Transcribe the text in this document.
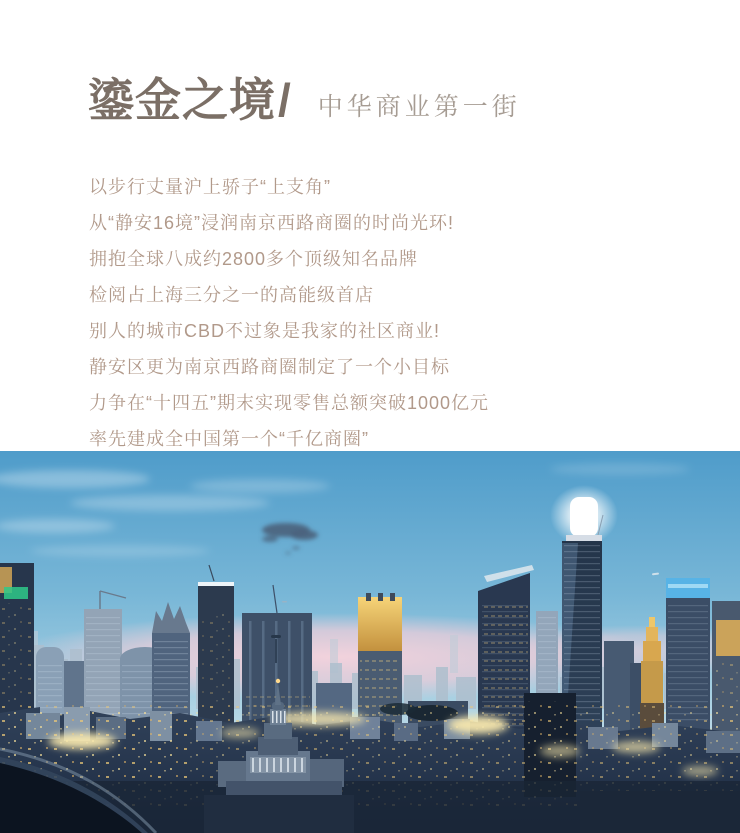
鎏金之境/ 中华商业第一街

以步行丈量沪上骄子“上支角”

从“静安16境”浸润南京西路商圈的时尚光环!

拥抱全球八成约2800多个顶级知名品牌

检阅占上海三分之一的高能级首店

别人的城市CBD不过象是我家的社区商业!

静安区更为南京西路商圈制定了一个小目标

力争在“十四五”期末实现零售总额突破1000亿元

率先建成全中国第一个“千亿商圈”
